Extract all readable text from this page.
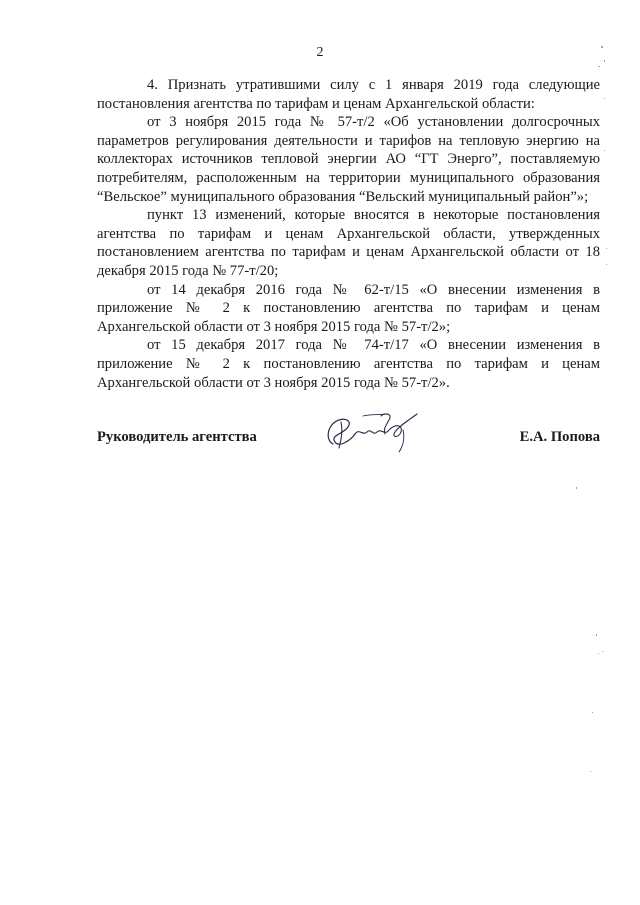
2

4. Признать утратившими силу с 1 января 2019 года следующие постановления агентства по тарифам и ценам Архангельской области:

от 3 ноября 2015 года № 57-т/2 «Об установлении долгосрочных параметров регулирования деятельности и тарифов на тепловую энергию на коллекторах источников тепловой энергии АО “ГТ Энерго”, поставляемую потребителям, расположенным на территории муниципального образования “Вельское” муниципального образования “Вельский муниципальный район”»;

пункт 13 изменений, которые вносятся в некоторые постановления агентства по тарифам и ценам Архангельской области, утвержденных постановлением агентства по тарифам и ценам Архангельской области от 18 декабря 2015 года № 77-т/20;

от 14 декабря 2016 года № 62-т/15 «О внесении изменения в приложение № 2 к постановлению агентства по тарифам и ценам Архангельской области от 3 ноября 2015 года № 57-т/2»;

от 15 декабря 2017 года № 74-т/17 «О внесении изменения в приложение № 2 к постановлению агентства по тарифам и ценам Архангельской области от 3 ноября 2015 года № 57-т/2».

Руководитель агентства	Е.А. Попова
